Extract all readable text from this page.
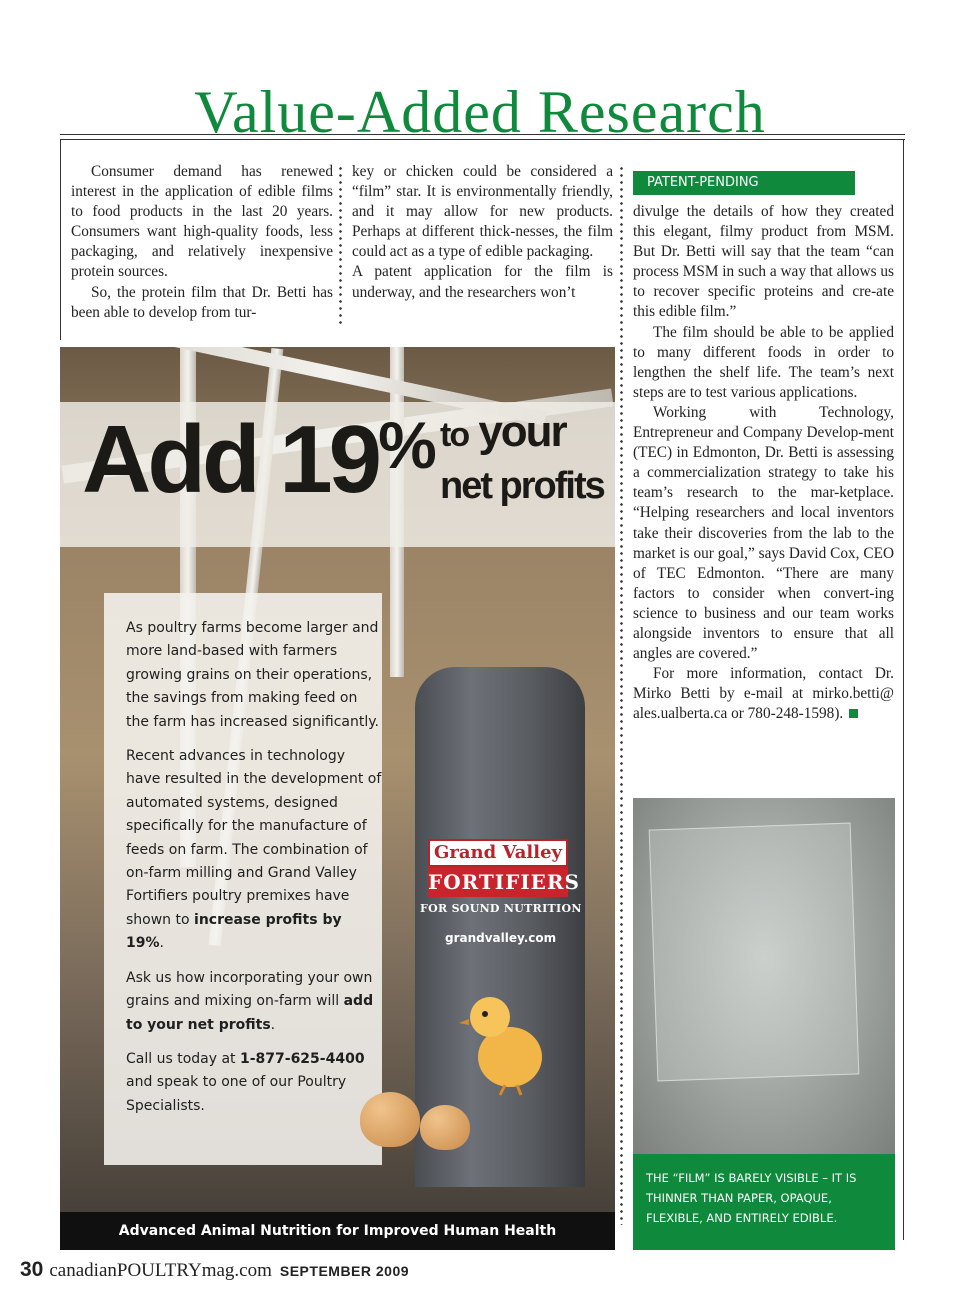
Value-Added Research

Consumer demand has renewed interest in the application of edible films to food products in the last 20 years. Consumers want high-quality foods, less packaging, and relatively inexpensive protein sources.

So, the protein film that Dr. Betti has been able to develop from tur-

key or chicken could be considered a “film” star. It is environmentally friendly, and it may allow for new products. Perhaps at different thick-nesses, the film could act as a type of edible packaging.

A patent application for the film is underway, and the researchers won’t

PATENT-PENDING

divulge the details of how they created this elegant, filmy product from MSM. But Dr. Betti will say that the team “can process MSM in such a way that allows us to recover specific proteins and cre-ate this edible film.”

The film should be able to be applied to many different foods in order to lengthen the shelf life. The team’s next steps are to test various applications.

Working with Technology, Entrepreneur and Company Develop-ment (TEC) in Edmonton, Dr. Betti is assessing a commercialization strategy to take his team’s research to the mar-ketplace. “Helping researchers and local inventors take their discoveries from the lab to the market is our goal,” says David Cox, CEO of TEC Edmonton. “There are many factors to consider when convert-ing science to business and our team works alongside inventors to ensure that all angles are covered.”

For more information, contact Dr. Mirko Betti by e-mail at mirko.betti@ ales.ualberta.ca or 780-248-1598).

Add 19% to your
net profits

As poultry farms become larger and more land-based with farmers growing grains on their operations, the savings from making feed on the farm has increased significantly.

Recent advances in technology have resulted in the development of automated systems, designed specifically for the manufacture of feeds on farm. The combination of on-farm milling and Grand Valley Fortifiers poultry premixes have shown to increase profits by 19%.

Ask us how incorporating your own grains and mixing on-farm will add to your net profits.

Call us today at 1-877-625-4400 and speak to one of our Poultry Specialists.

Grand Valley
FORTIFIERS
FOR SOUND NUTRITION
grandvalley.com
Advanced Animal Nutrition for Improved Human Health
THE “FILM” IS BARELY VISIBLE – IT IS THINNER THAN PAPER, OPAQUE, FLEXIBLE, AND ENTIRELY EDIBLE.
30 canadianPOULTRYmag.com SEPTEMBER 2009
